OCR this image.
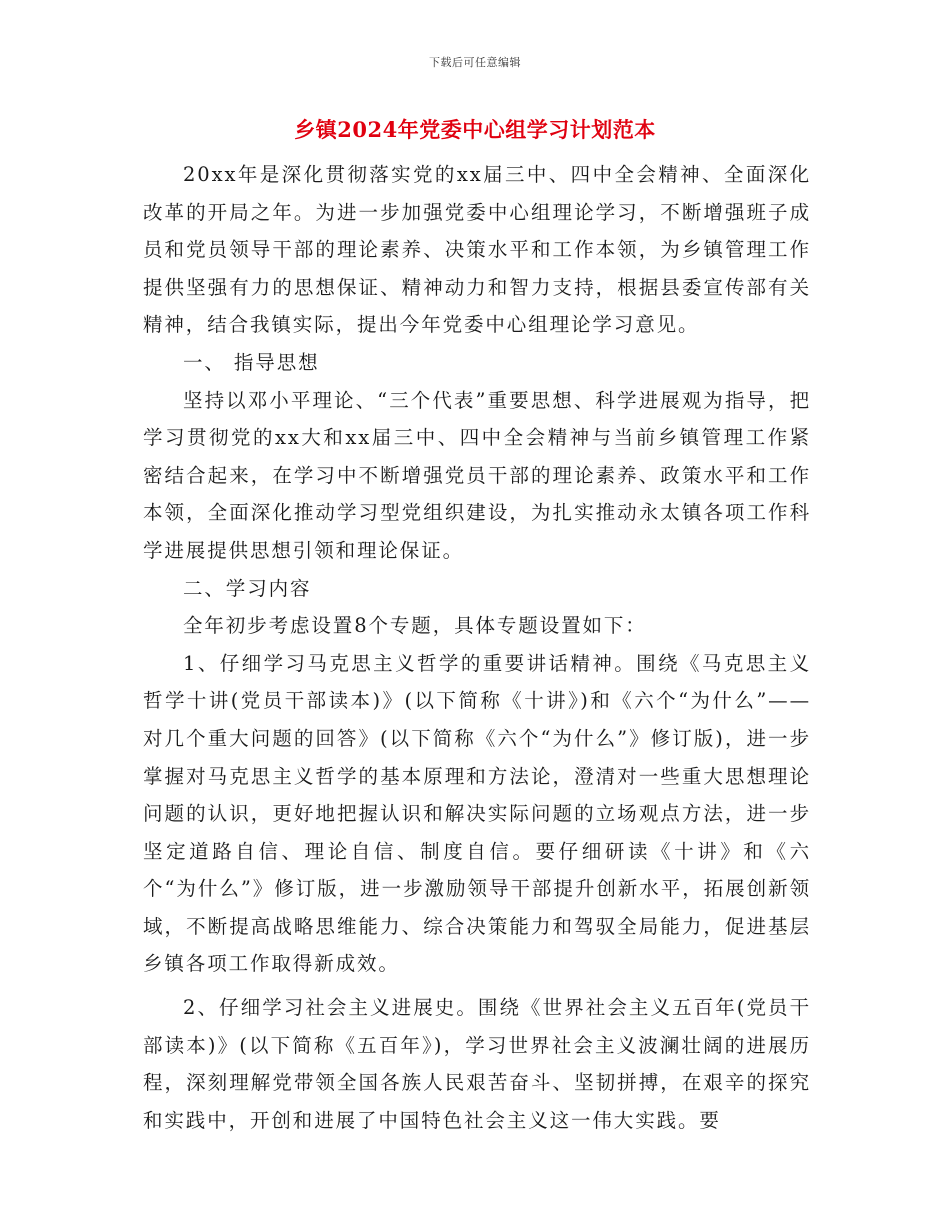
下载后可任意编辑
乡镇2024年党委中心组学习计划范本

20xx年是深化贯彻落实党的xx届三中、四中全会精神、全面深化改革的开局之年。为进一步加强党委中心组理论学习，不断增强班子成员和党员领导干部的理论素养、决策水平和工作本领，为乡镇管理工作提供坚强有力的思想保证、精神动力和智力支持，根据县委宣传部有关精神，结合我镇实际，提出今年党委中心组理论学习意见。

一、 指导思想

坚持以邓小平理论、“三个代表”重要思想、科学进展观为指导，把学习贯彻党的xx大和xx届三中、四中全会精神与当前乡镇管理工作紧密结合起来，在学习中不断增强党员干部的理论素养、政策水平和工作本领，全面深化推动学习型党组织建设，为扎实推动永太镇各项工作科学进展提供思想引领和理论保证。

二、学习内容

全年初步考虑设置8个专题，具体专题设置如下：

1、仔细学习马克思主义哲学的重要讲话精神。围绕《马克思主义哲学十讲(党员干部读本)》(以下简称《十讲》)和《六个“为什么”——对几个重大问题的回答》(以下简称《六个“为什么”》修订版)，进一步掌握对马克思主义哲学的基本原理和方法论，澄清对一些重大思想理论问题的认识，更好地把握认识和解决实际问题的立场观点方法，进一步坚定道路自信、理论自信、制度自信。要仔细研读《十讲》和《六个“为什么”》修订版，进一步激励领导干部提升创新水平，拓展创新领域，不断提高战略思维能力、综合决策能力和驾驭全局能力，促进基层乡镇各项工作取得新成效。

2、仔细学习社会主义进展史。围绕《世界社会主义五百年(党员干部读本)》(以下简称《五百年》)，学习世界社会主义波澜壮阔的进展历程，深刻理解党带领全国各族人民艰苦奋斗、坚韧拼搏，在艰辛的探究和实践中，开创和进展了中国特色社会主义这一伟大实践。要
